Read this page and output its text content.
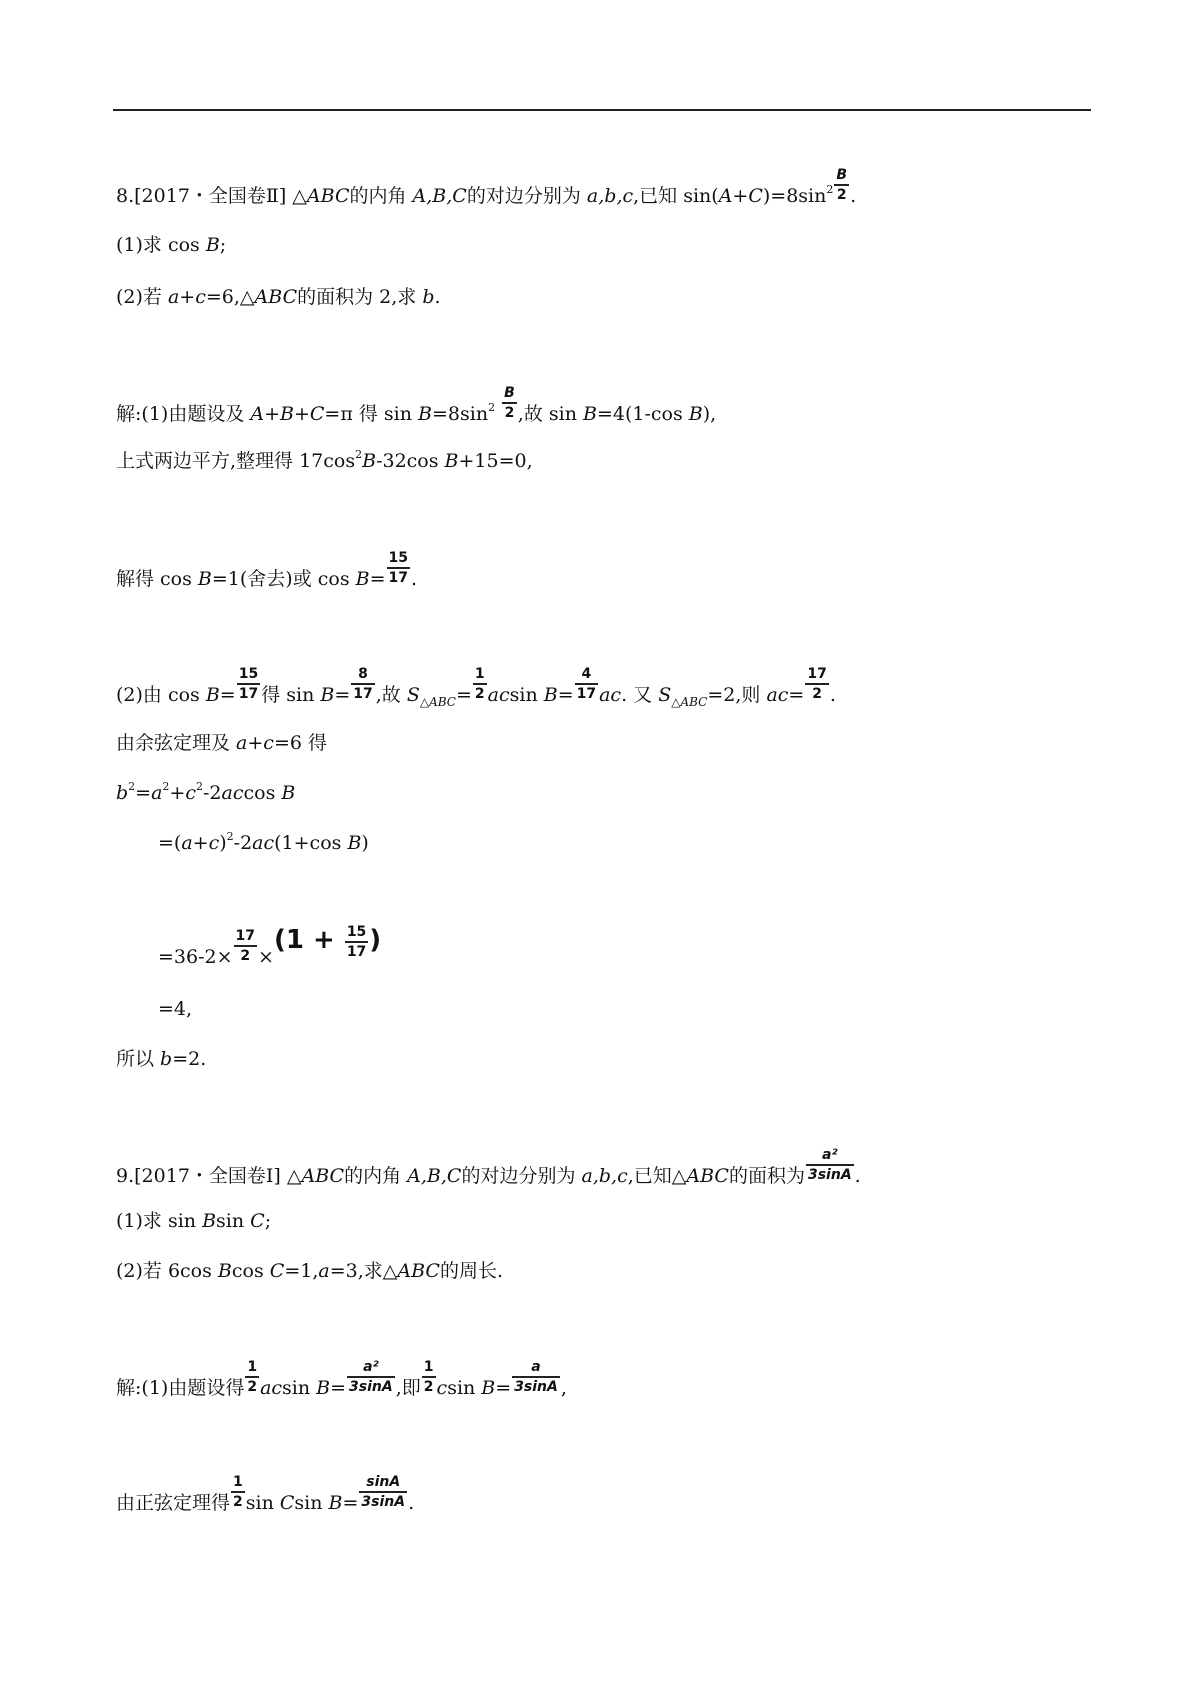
8.[2017・全国卷Ⅱ] △ABC的内角 A,B,C的对边分别为 a,b,c,已知 $\sin(A+C)=8\sin^2 \frac{B}{2}$ .
(1)求 cos B;
(2)若 a+c=6,△ABC的面积为 2,求 b.
解:(1)由题设及 A+B+C=π 得 $\sin B=8\sin^2 \frac{B}{2}$ ,故 sin B=4(1-cos B),
上式两边平方,整理得 $17\cos^2B-32\cos$ B+15=0,
解得 cos B=1(舍去)或 $\cos B= \frac{15}{17}$ .
(2)由 $\cos B= \frac{15}{17}$ 得 $\sin B= \frac{8}{17}$ ,故 $S_{\triangle ABC}= \frac{1}{2}$ acsin $B= \frac{4}{17}$ ac. 又 $S_{\triangle ABC}=2$,则 $ac= \frac{17}{2}$ .
由余弦定理及 a+c=6 得
$b^2=a^2+c^2-2accos$ B
$=(a+c)^2-2ac(1+\cos$ B)
$=36-2\times \frac{17}{2} \times(1 + \frac{15}{17}$ )
=4,
所以 b=2.
9.[2017・全国卷Ⅰ] △ABC的内角 A,B,C的对边分别为 a,b,c,已知△ABC的面积为 $\frac{\text{a²}}{3\sin A}$ .
(1)求 sin Bsin C;
(2)若 6cos Bcos C=1,a=3,求△ABC的周长.
解:(1)由题设得 $\frac{1}{2}$ acsin $B= \frac{\text{a²}}{3\sin A}$ ,即 $\frac{1}{2}$ csin $B= \frac{a}{3\sin A}$ ,
由正弦定理得 $\frac{1}{2}$ sin Csin $B= \frac{\sin A}{3\sin A}$ .
